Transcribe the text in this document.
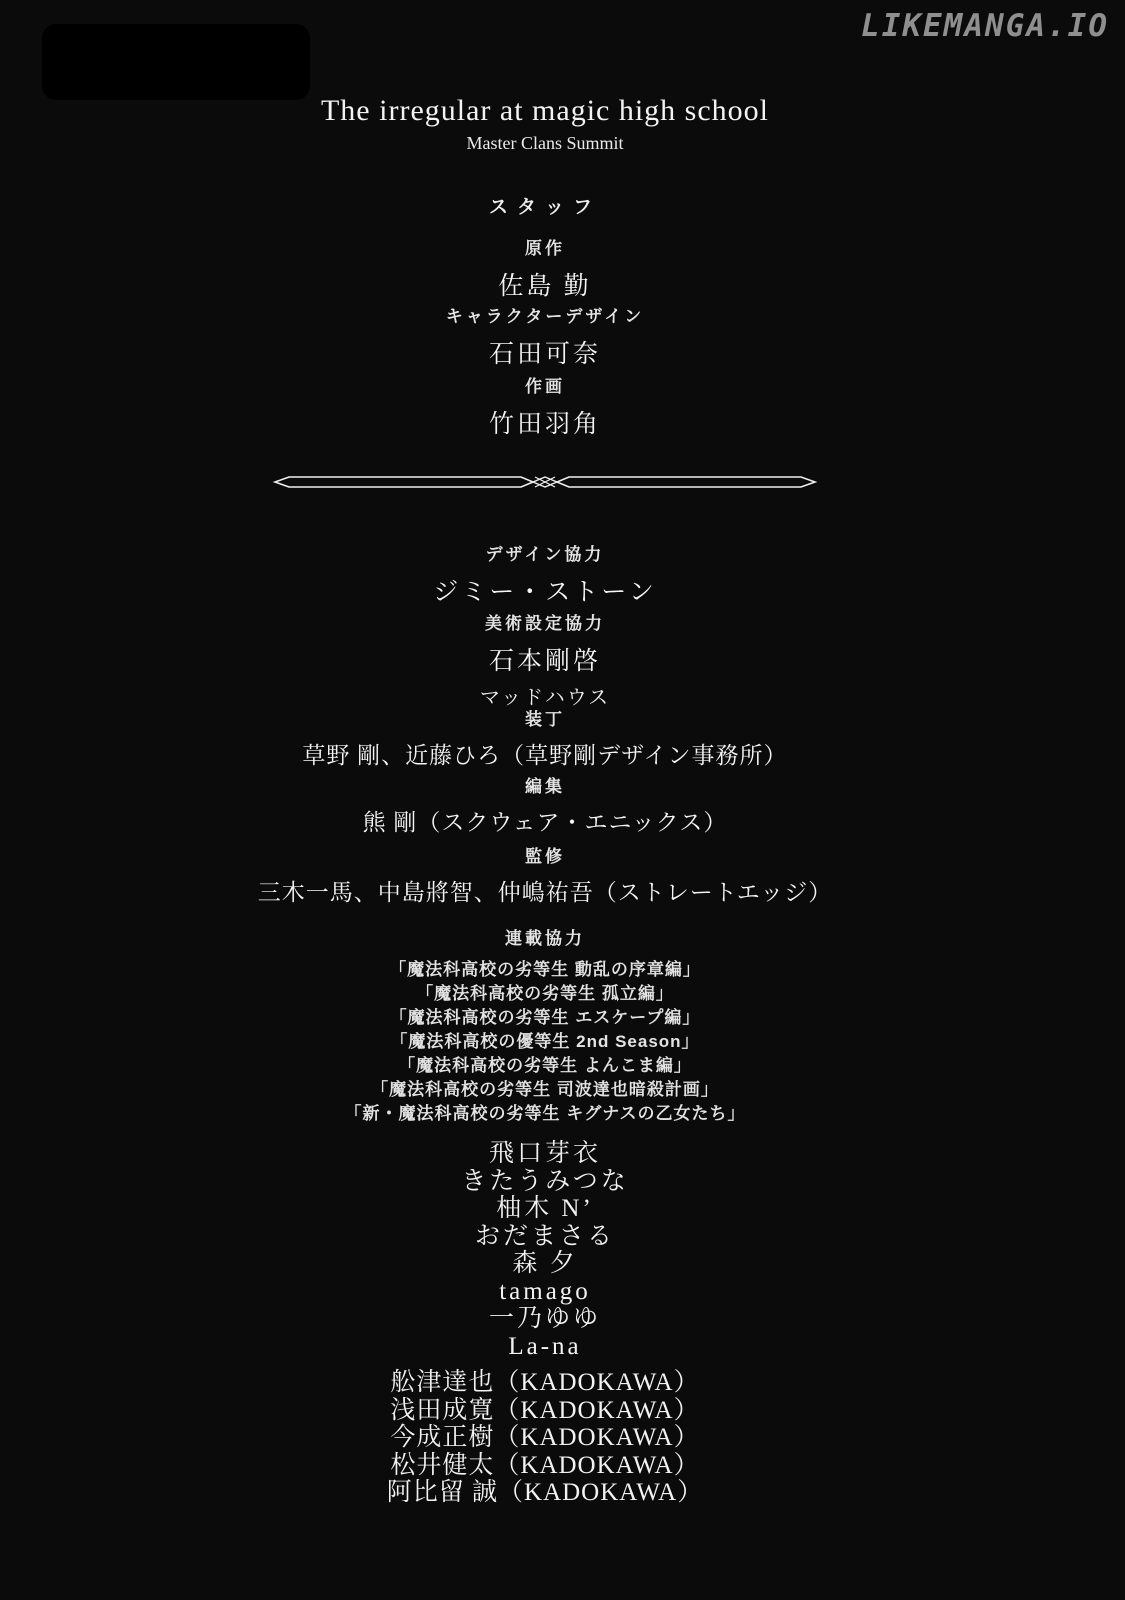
LIKEMANGA.IO
The irregular at magic high school
Master Clans Summit
スタッフ
原作
佐島 勤
キャラクターデザイン
石田可奈
作画
竹田羽角
デザイン協力
ジミー・ストーン
美術設定協力
石本剛啓
マッドハウス
装丁
草野 剛、近藤ひろ（草野剛デザイン事務所）
編集
熊 剛（スクウェア・エニックス）
監修
三木一馬、中島將智、仲嶋祐吾（ストレートエッジ）
連載協力
「魔法科高校の劣等生 動乱の序章編」
「魔法科高校の劣等生 孤立編」
「魔法科高校の劣等生 エスケープ編」
「魔法科高校の優等生 2nd Season」
「魔法科高校の劣等生 よんこま編」
「魔法科高校の劣等生 司波達也暗殺計画」
「新・魔法科高校の劣等生 キグナスの乙女たち」
飛口芽衣
きたうみつな
柚木 N’
おだまさる
森 夕
tamago
一乃ゆゆ
La-na
舩津達也（KADOKAWA）
浅田成寛（KADOKAWA）
今成正樹（KADOKAWA）
松井健太（KADOKAWA）
阿比留 誠（KADOKAWA）
